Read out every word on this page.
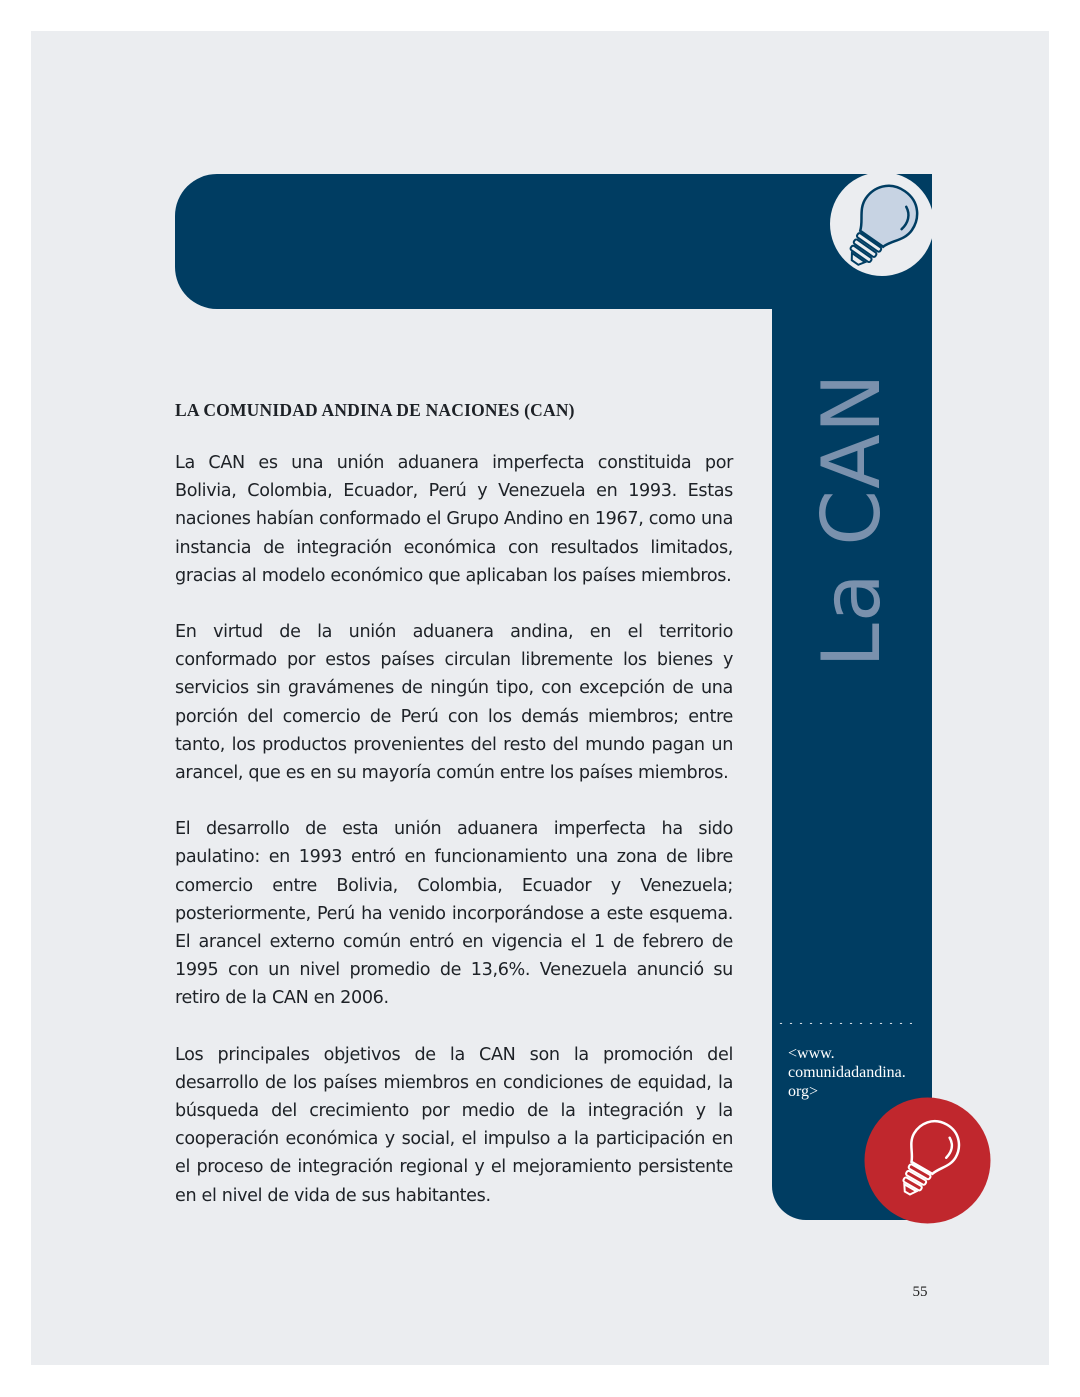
La CAN
<www. comunidadandina. org>
LA COMUNIDAD ANDINA DE NACIONES (CAN)

La CAN es una unión aduanera imperfecta constituida por Bolivia, Colombia, Ecuador, Perú y Venezuela en 1993. Estas naciones habían conformado el Grupo Andino en 1967, como una instancia de integración económica con resultados limitados, gracias al modelo económico que aplicaban los países miembros.

En virtud de la unión aduanera andina, en el territorio conformado por estos países circulan libremente los bienes y servicios sin gravámenes de ningún tipo, con excepción de una porción del comercio de Perú con los demás miembros; entre tanto, los productos provenientes del resto del mundo pagan un arancel, que es en su mayoría común entre los países miembros.

El desarrollo de esta unión aduanera imperfecta ha sido paulatino: en 1993 entró en funcionamiento una zona de libre comercio entre Bolivia, Colombia, Ecuador y Venezuela; posteriormente, Perú ha venido incorporándose a este esquema. El arancel externo común entró en vigencia el 1 de febrero de 1995 con un nivel promedio de 13,6%. Venezuela anunció su retiro de la CAN en 2006.

Los principales objetivos de la CAN son la promoción del desarrollo de los países miembros en condiciones de equidad, la búsqueda del crecimiento por medio de la integración y la cooperación económica y social, el impulso a la participación en el proceso de integración regional y el mejoramiento persistente en el nivel de vida de sus habitantes.

55
